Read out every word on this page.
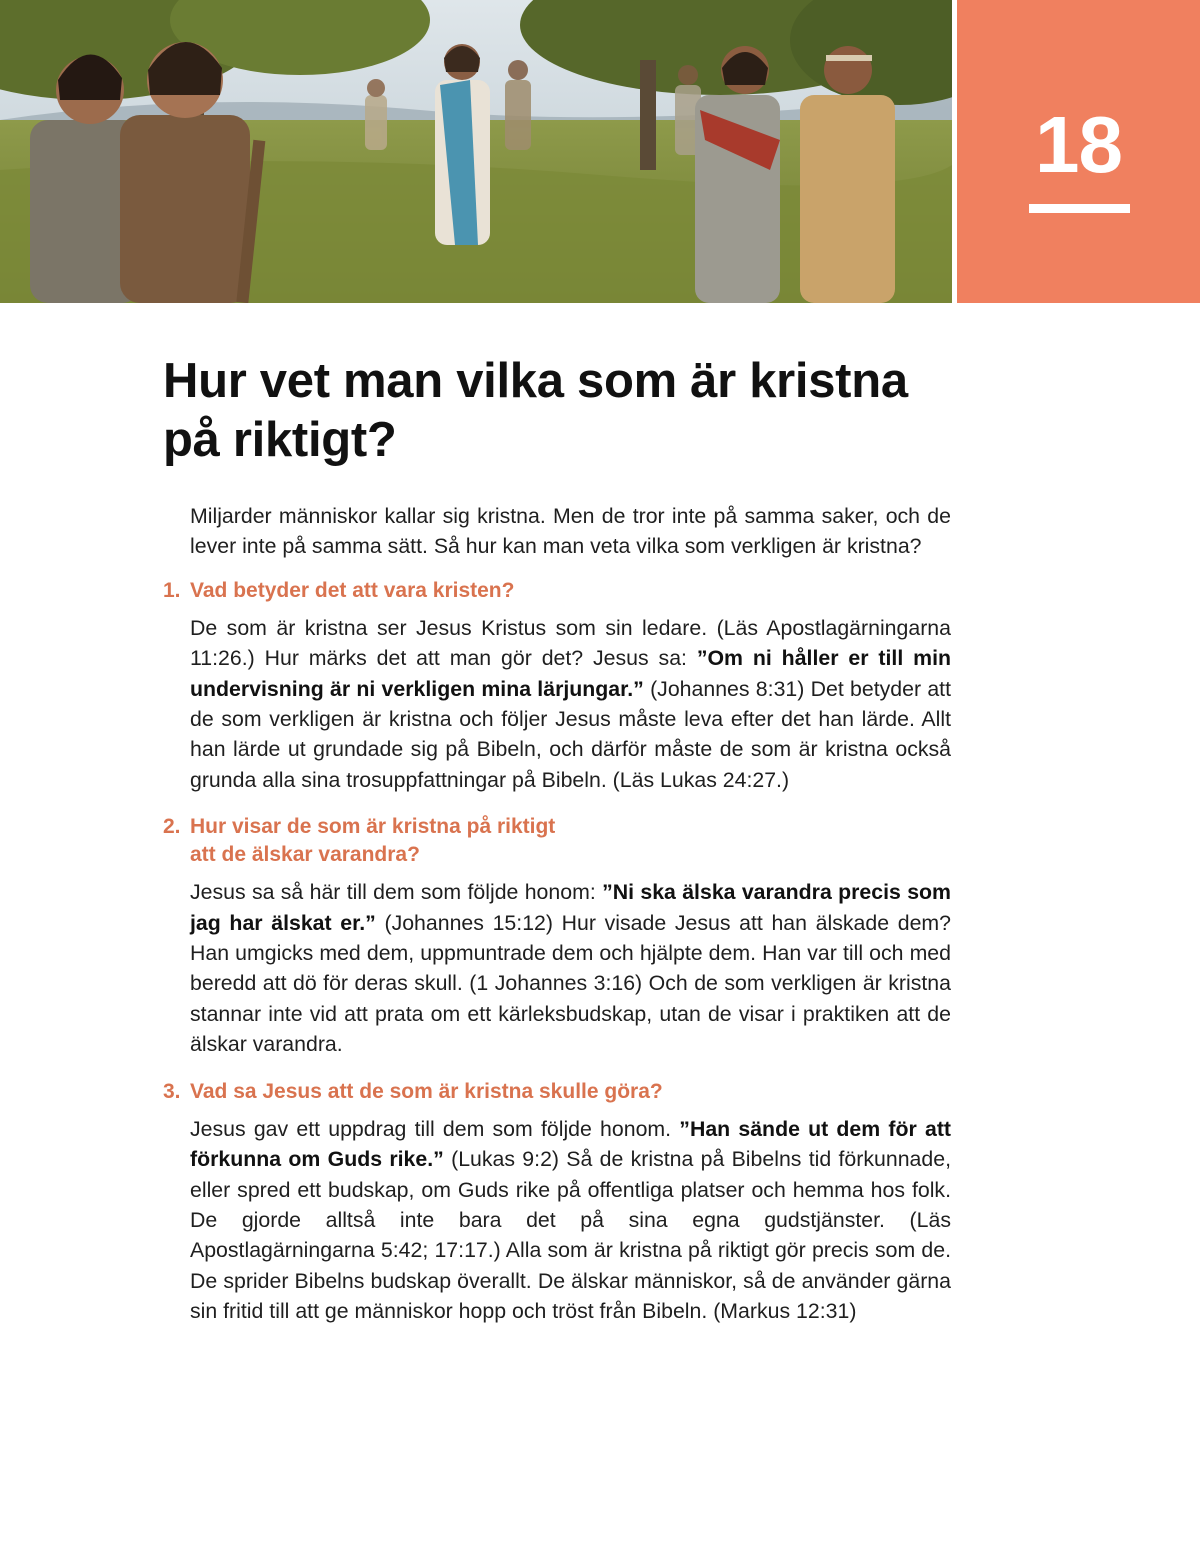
18
Hur vet man vilka som är kristna på riktigt?

Miljarder människor kallar sig kristna. Men de tror inte på samma saker, och de lever inte på samma sätt. Så hur kan man veta vilka som verkligen är kristna?

1. Vad betyder det att vara kristen?

De som är kristna ser Jesus Kristus som sin ledare. (Läs Apostlagärningarna 11:26.) Hur märks det att man gör det? Jesus sa: ”Om ni håller er till min undervisning är ni verkligen mina lärjungar.” (Johannes 8:31) Det betyder att de som verkligen är kristna och följer Jesus måste leva efter det han lärde. Allt han lärde ut grundade sig på Bibeln, och därför måste de som är kristna också grunda alla sina trosuppfattningar på Bibeln. (Läs Lukas 24:27.)

2. Hur visar de som är kristna på riktigt
att de älskar varandra?

Jesus sa så här till dem som följde honom: ”Ni ska älska varandra precis som jag har älskat er.” (Johannes 15:12) Hur visade Jesus att han älskade dem? Han umgicks med dem, uppmuntrade dem och hjälpte dem. Han var till och med beredd att dö för deras skull. (1 Johannes 3:16) Och de som verkligen är kristna stannar inte vid att prata om ett kärleksbudskap, utan de visar i praktiken att de älskar varandra.

3. Vad sa Jesus att de som är kristna skulle göra?

Jesus gav ett uppdrag till dem som följde honom. ”Han sände ut dem för att förkunna om Guds rike.” (Lukas 9:2) Så de kristna på Bibelns tid förkunnade, eller spred ett budskap, om Guds rike på offentliga platser och hemma hos folk. De gjorde alltså inte bara det på sina egna gudstjänster. (Läs Apostlagärningarna 5:42; 17:17.) Alla som är kristna på riktigt gör precis som de. De sprider Bibelns budskap överallt. De älskar människor, så de använder gärna sin fritid till att ge människor hopp och tröst från Bibeln. (Markus 12:31)
